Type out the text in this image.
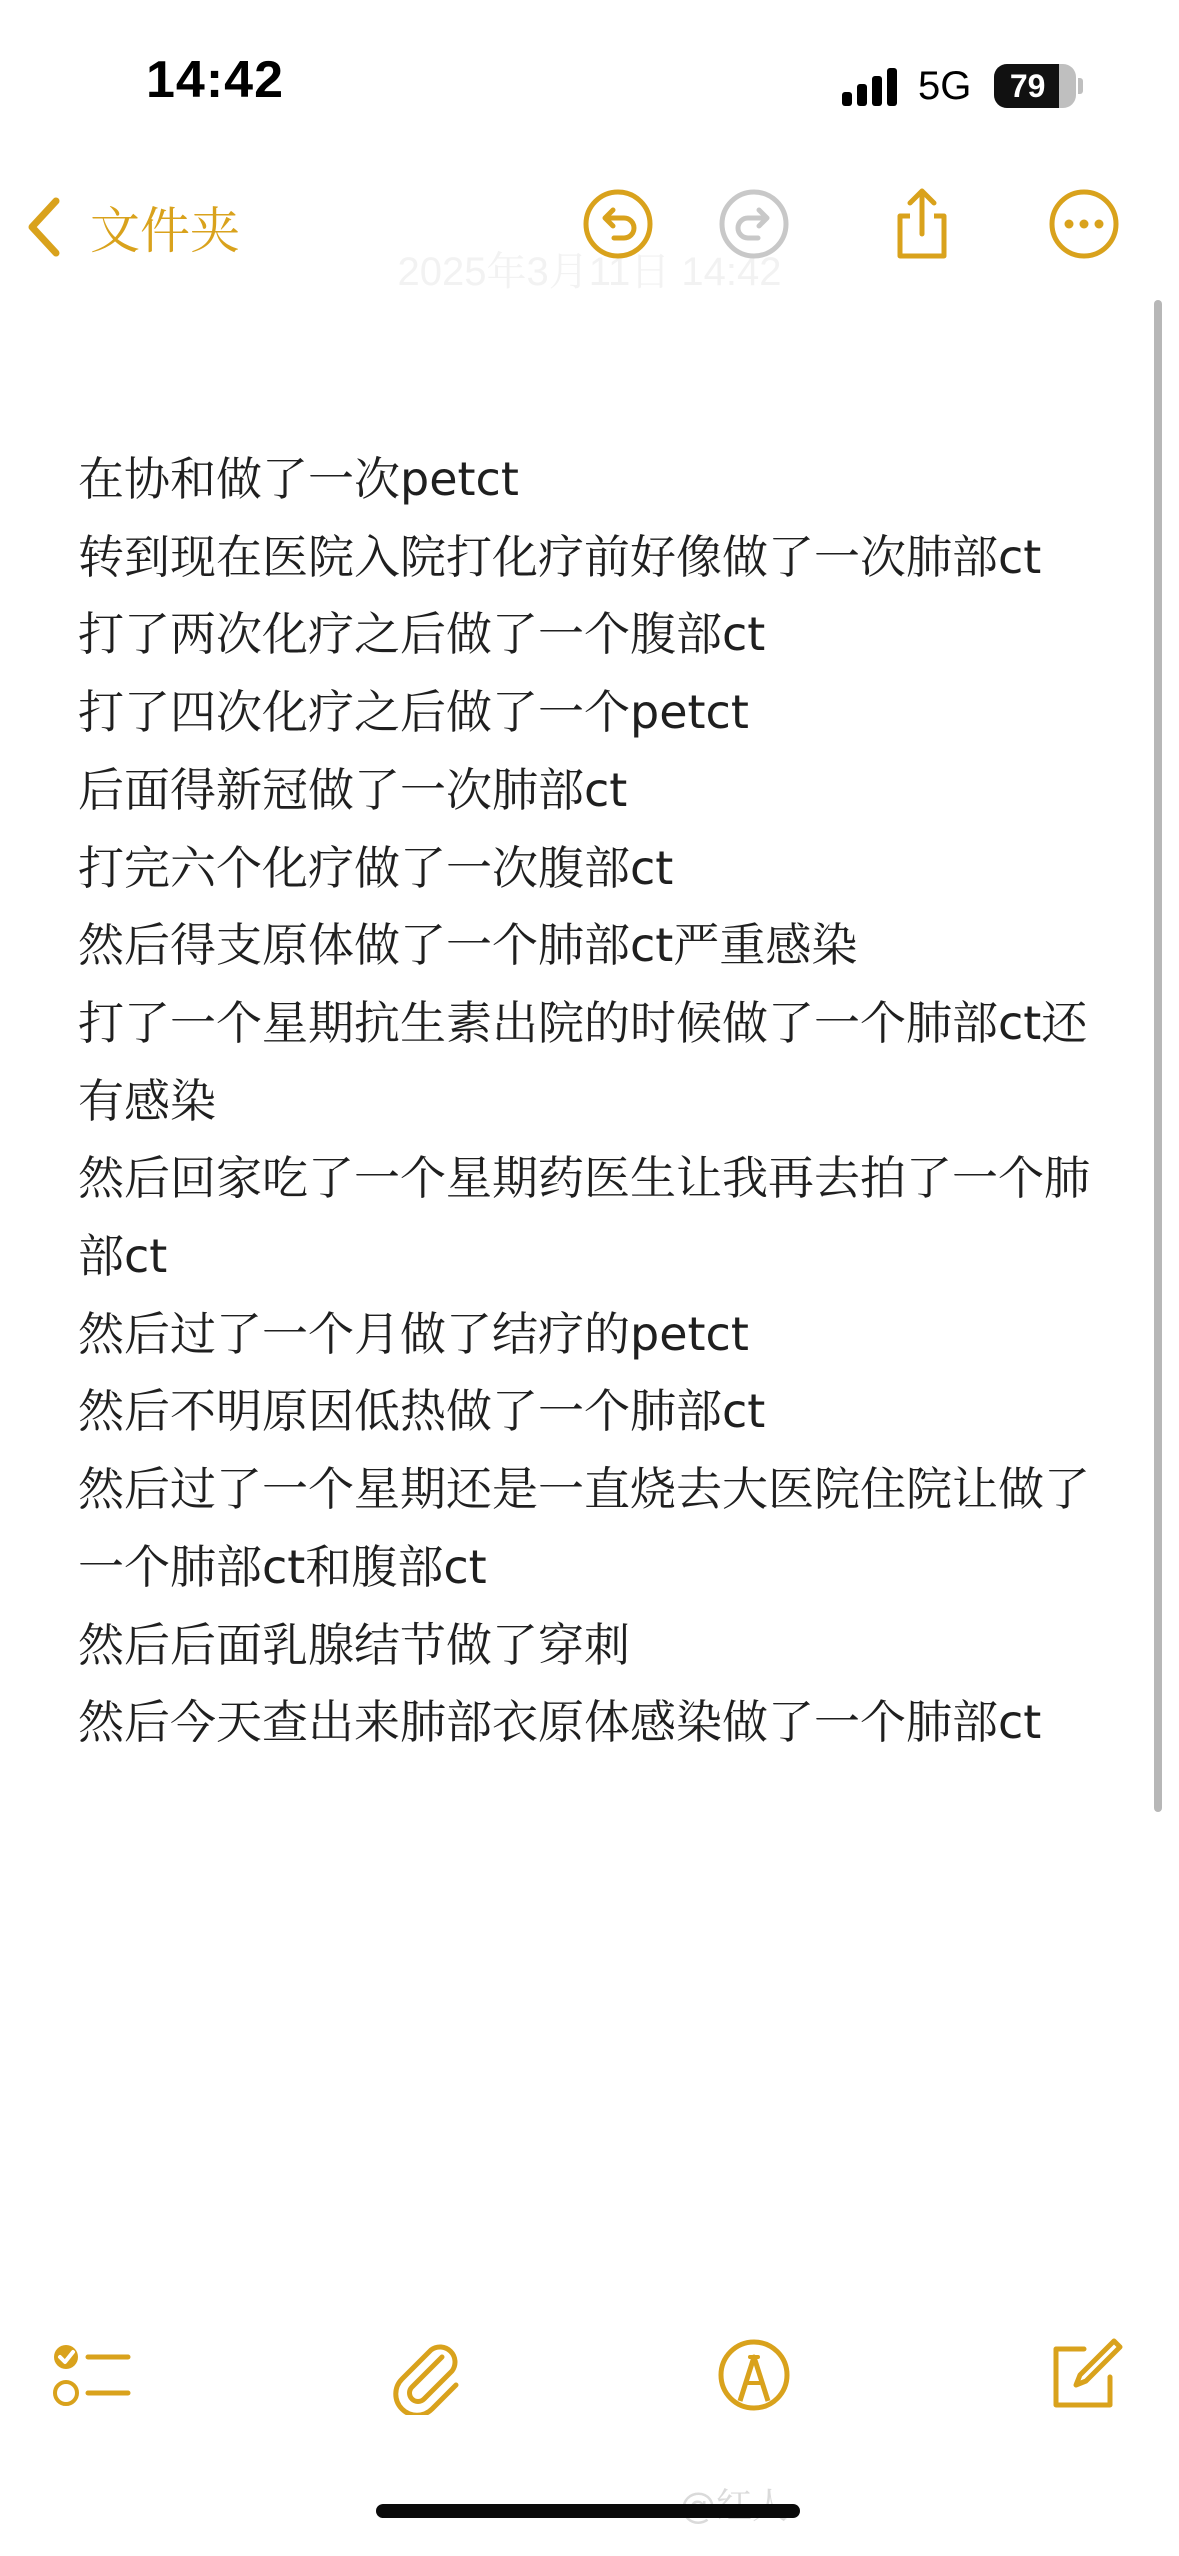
14:42	5G	79
2025年3月11日 14:42
文件夹
在协和做了一次petct
转到现在医院入院打化疗前好像做了一次肺部ct
打了两次化疗之后做了一个腹部ct
打了四次化疗之后做了一个petct
后面得新冠做了一次肺部ct
打完六个化疗做了一次腹部ct
然后得支原体做了一个肺部ct严重感染
打了一个星期抗生素出院的时候做了一个肺部ct还有感染
然后回家吃了一个星期药医生让我再去拍了一个肺部ct
然后过了一个月做了结疗的petct
然后不明原因低热做了一个肺部ct
然后过了一个星期还是一直烧去大医院住院让做了一个肺部ct和腹部ct
然后后面乳腺结节做了穿刺
然后今天查出来肺部衣原体感染做了一个肺部ct
